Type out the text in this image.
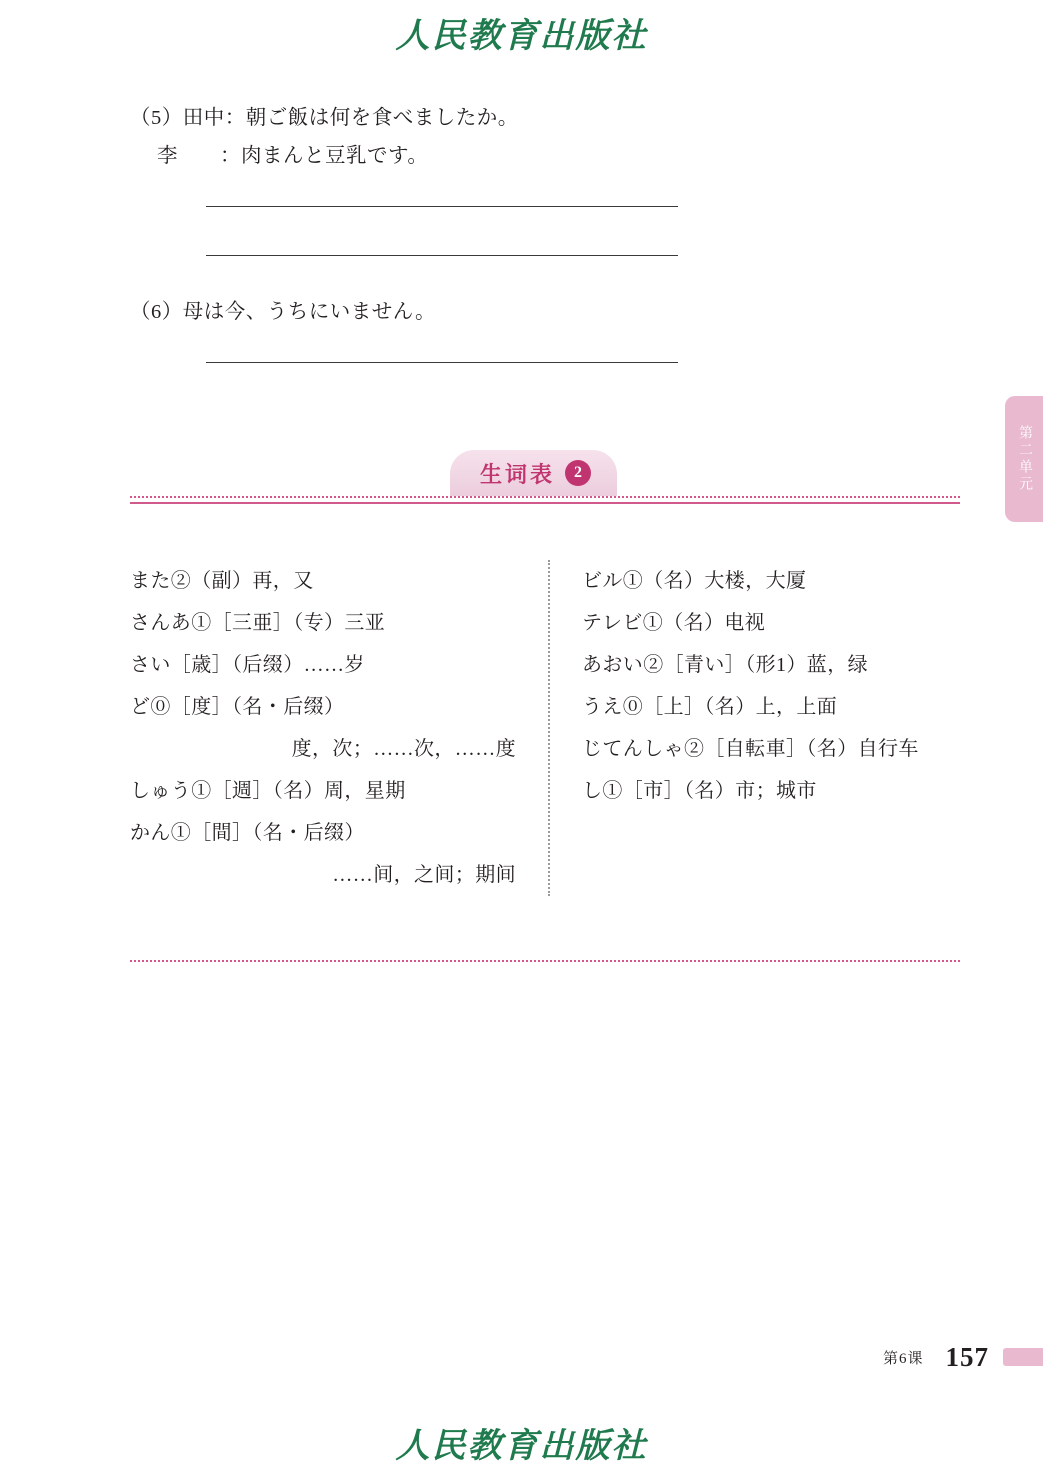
人民教育出版社
第二单元
（5）田中：朝ご飯は何を食べましたか。
李　　：肉まんと豆乳です。
（6）母は今、うちにいません。
生词表	2
また②（副）再，又
さんあ①［三亜］（专）三亚
さい［歳］（后缀）……岁
ど⓪［度］（名・后缀）
度，次；……次，……度
しゅう①［週］（名）周，星期
かん①［間］（名・后缀）
……间，之间；期间
ビル①（名）大楼，大厦
テレビ①（名）电视
あおい②［青い］（形1）蓝，绿
うえ⓪［上］（名）上，上面
じてんしゃ②［自転車］（名）自行车
し①［市］（名）市；城市
第6课 157
人民教育出版社
